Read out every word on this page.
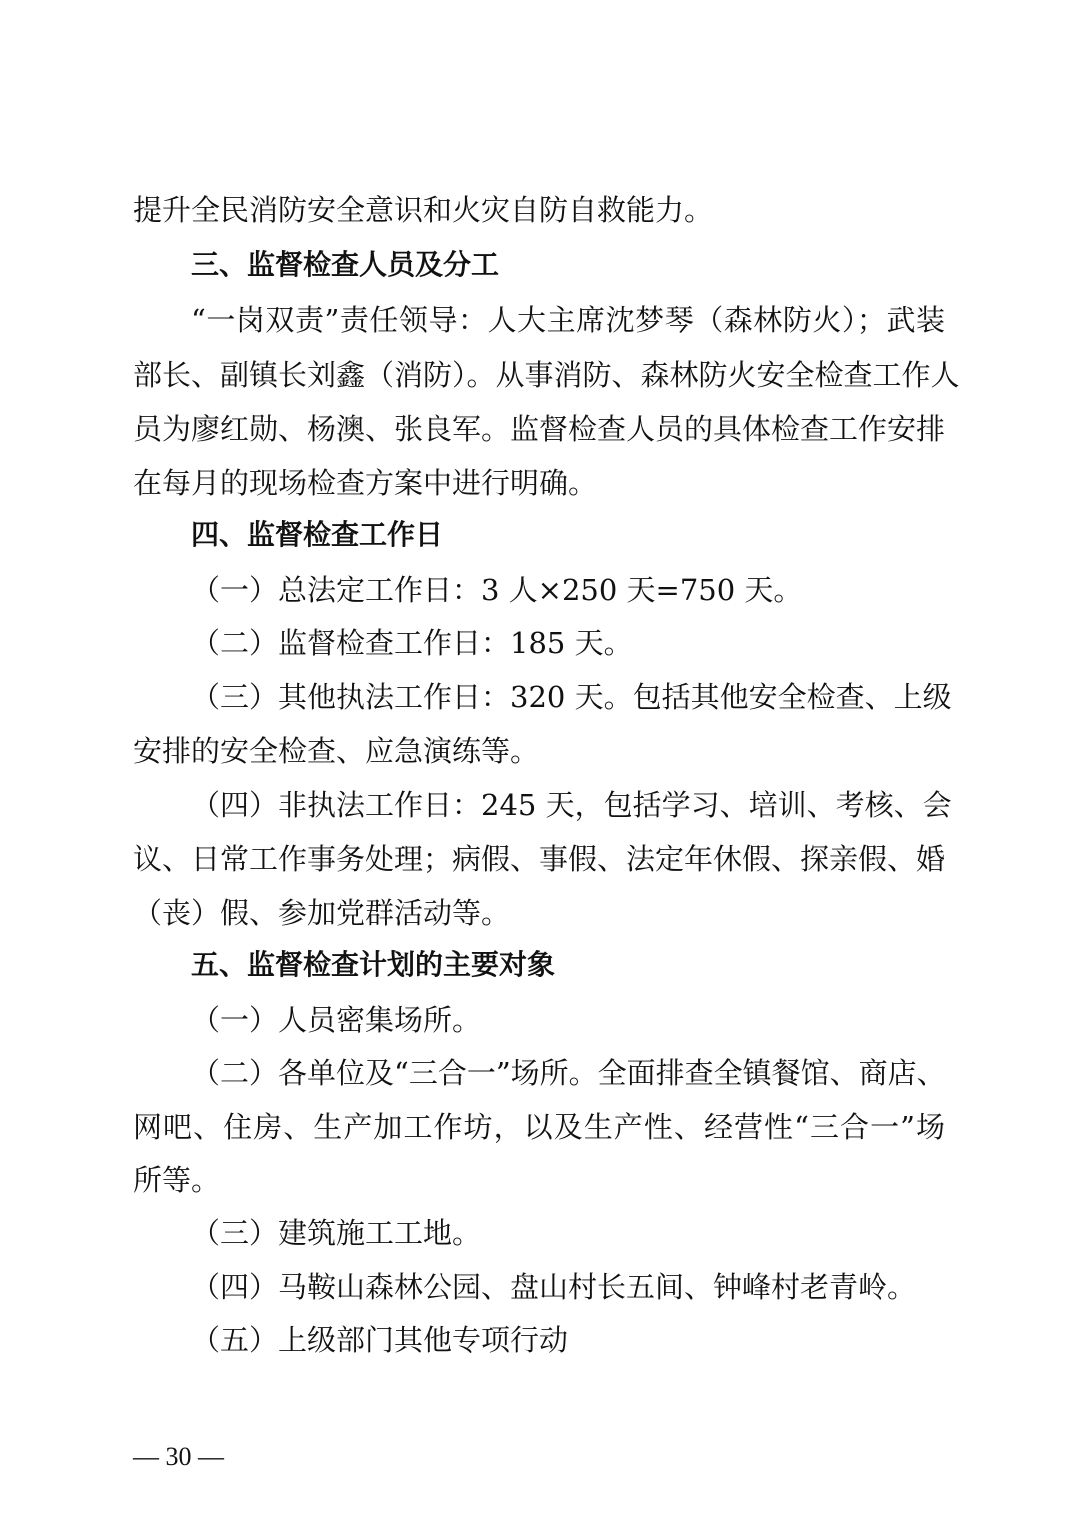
提升全民消防安全意识和火灾自防自救能力。
三、监督检查人员及分工
“一岗双责”责任领导：人大主席沈梦琴（森林防火）；武装
部长、副镇长刘鑫（消防）。从事消防、森林防火安全检查工作人
员为廖红勋、杨澳、张良军。监督检查人员的具体检查工作安排
在每月的现场检查方案中进行明确。
四、监督检查工作日
（一）总法定工作日：3 人×250 天=750 天。
（二）监督检查工作日：185 天。
（三）其他执法工作日：320 天。包括其他安全检查、上级
安排的安全检查、应急演练等。
（四）非执法工作日：245 天，包括学习、培训、考核、会
议、日常工作事务处理；病假、事假、法定年休假、探亲假、婚
（丧）假、参加党群活动等。
五、监督检查计划的主要对象
（一）人员密集场所。
（二）各单位及“三合一”场所。全面排查全镇餐馆、商店、
网吧、住房、生产加工作坊，以及生产性、经营性“三合一”场
所等。
（三）建筑施工工地。
（四）马鞍山森林公园、盘山村长五间、钟峰村老青岭。
（五）上级部门其他专项行动
— 30 —
